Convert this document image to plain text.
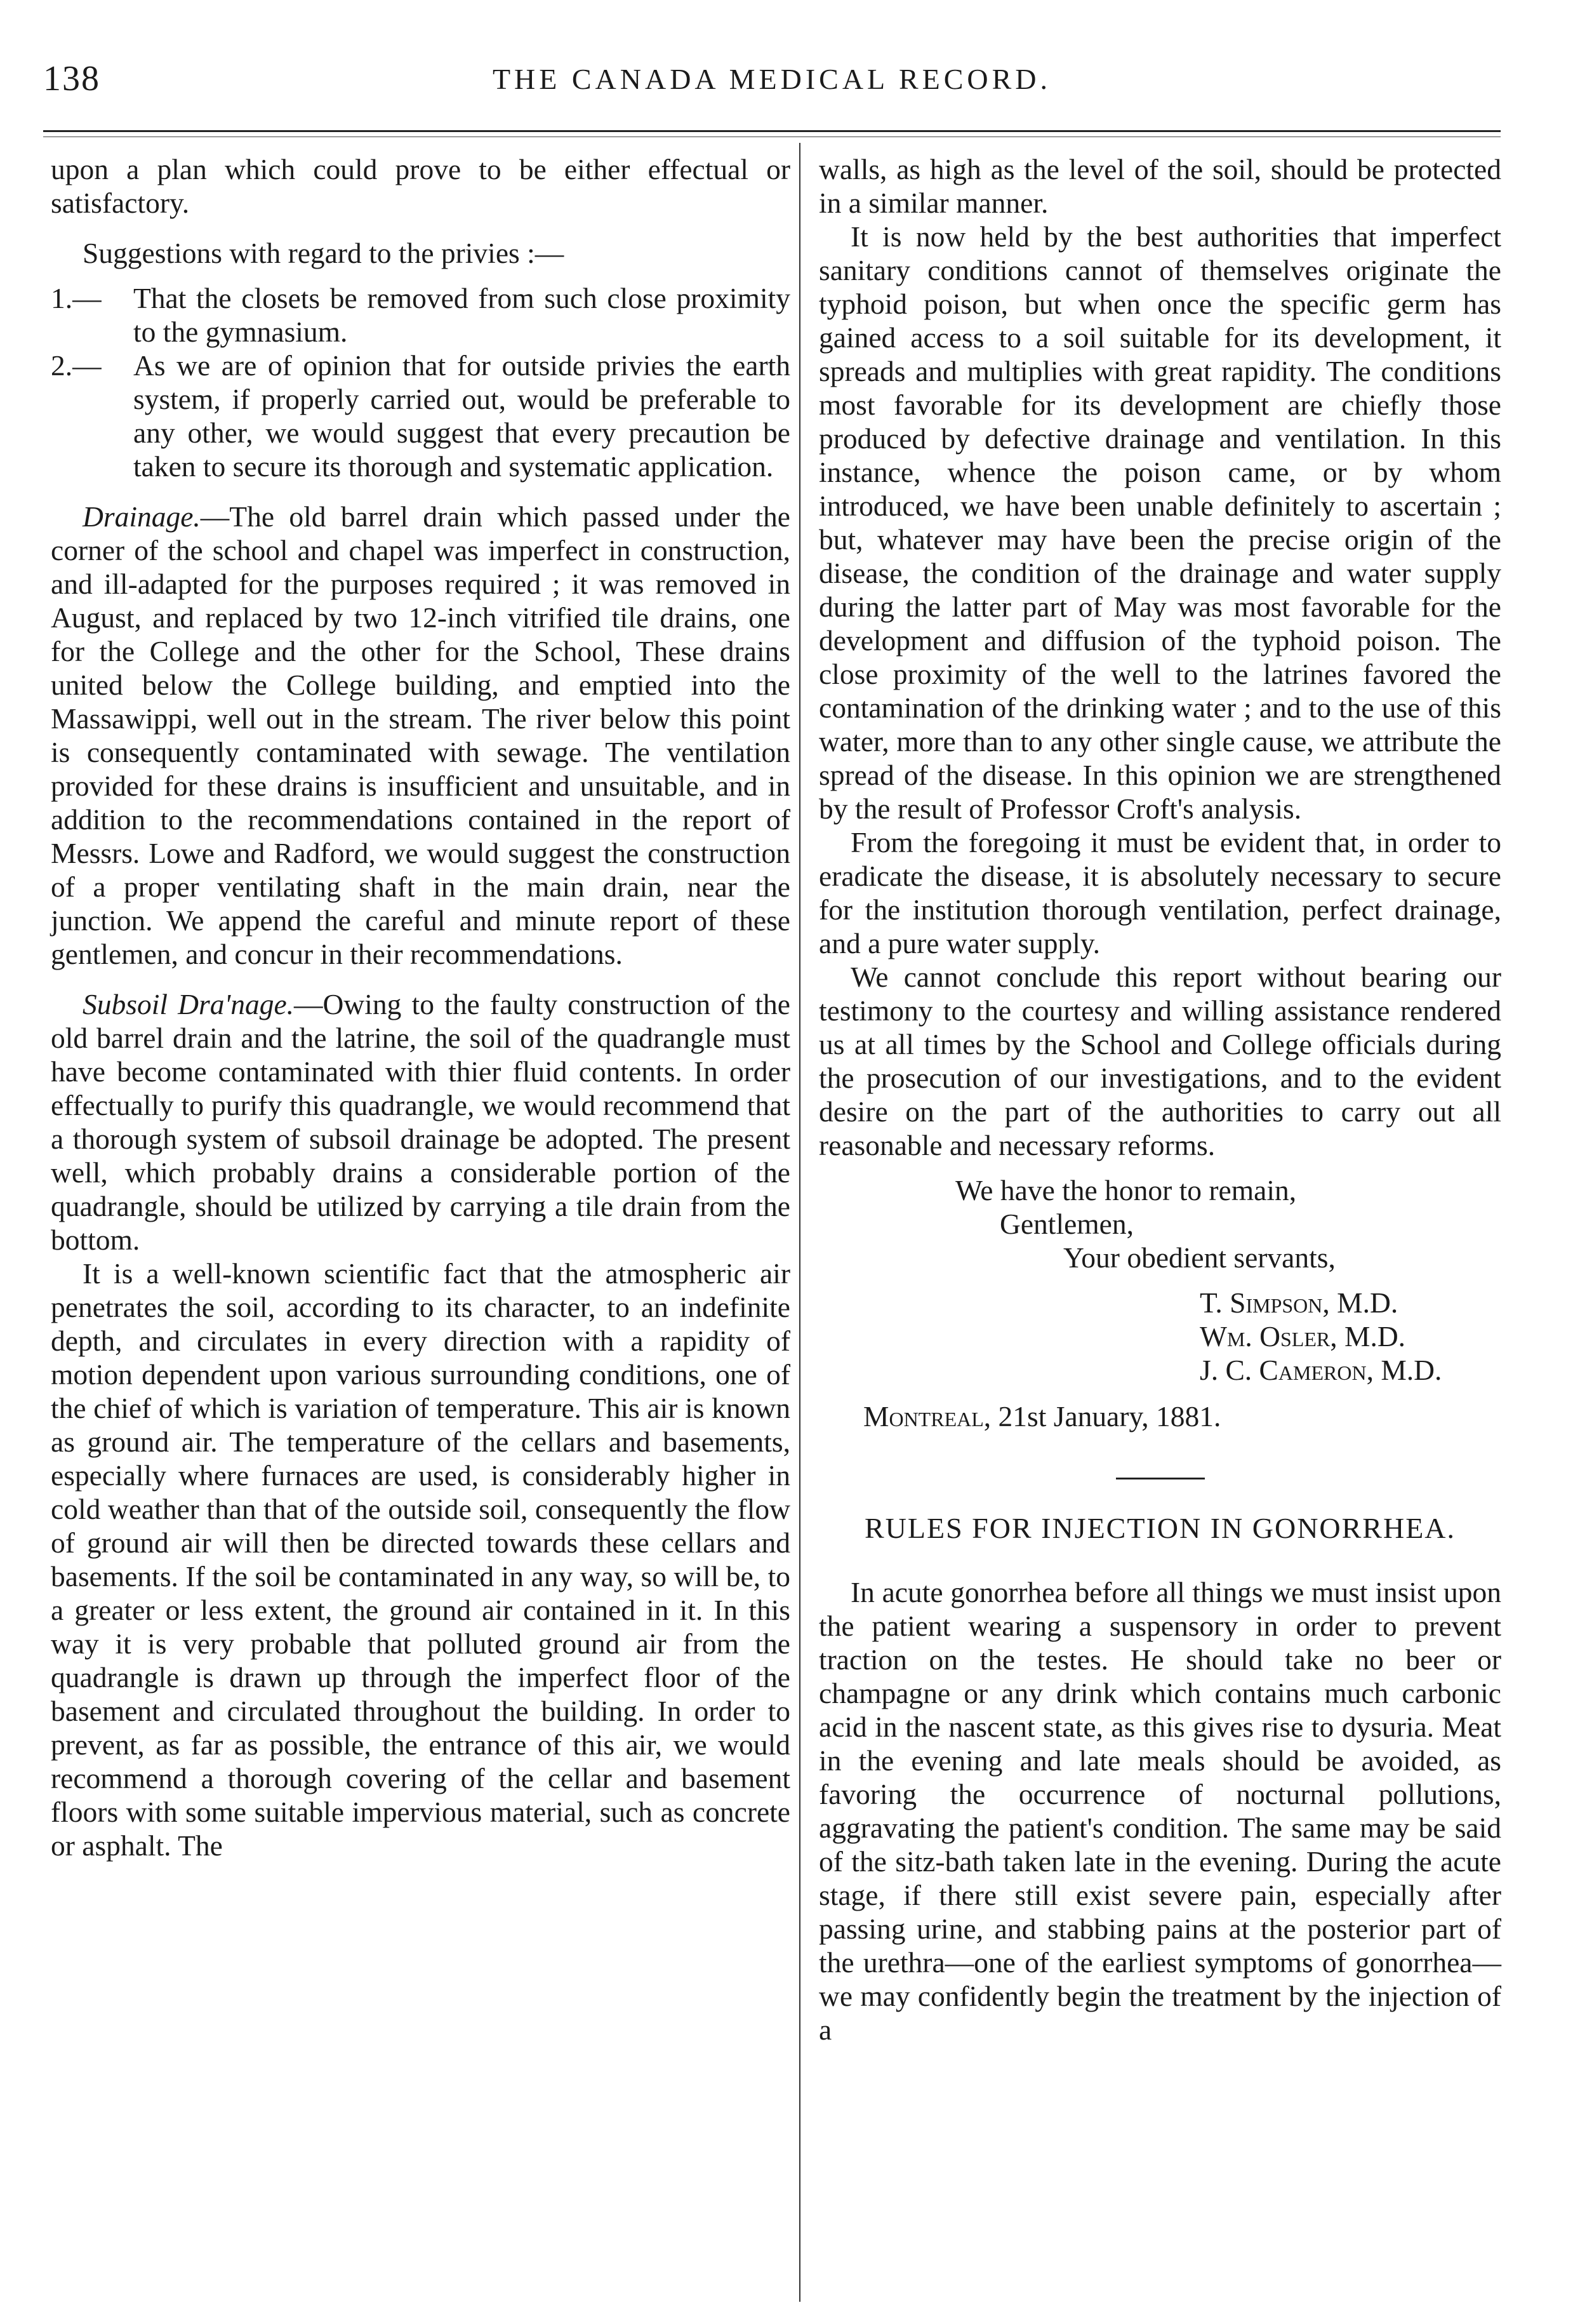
138	THE CANADA MEDICAL RECORD.

upon a plan which could prove to be either effectual or satisfactory.

Suggestions with regard to the privies :—

1.— That the closets be removed from such close proximity to the gymnasium.

2.— As we are of opinion that for outside privies the earth system, if properly carried out, would be preferable to any other, we would suggest that every precaution be taken to secure its thorough and systematic application.

Drainage.—The old barrel drain which passed under the corner of the school and chapel was imperfect in construction, and ill-adapted for the purposes required ; it was removed in August, and replaced by two 12-inch vitrified tile drains, one for the College and the other for the School, These drains united below the College building, and emptied into the Massawippi, well out in the stream. The river below this point is consequently contaminated with sewage. The ventilation provided for these drains is insufficient and unsuitable, and in addition to the recommendations contained in the report of Messrs. Lowe and Radford, we would suggest the construction of a proper ventilating shaft in the main drain, near the junction. We append the careful and minute report of these gentlemen, and concur in their recommendations.

Subsoil Dra'nage.—Owing to the faulty construction of the old barrel drain and the latrine, the soil of the quadrangle must have become contaminated with thier fluid contents. In order effectually to purify this quadrangle, we would recommend that a thorough system of subsoil drainage be adopted. The present well, which probably drains a considerable portion of the quadrangle, should be utilized by carrying a tile drain from the bottom.

It is a well-known scientific fact that the atmospheric air penetrates the soil, according to its character, to an indefinite depth, and circulates in every direction with a rapidity of motion dependent upon various surrounding conditions, one of the chief of which is variation of temperature. This air is known as ground air. The temperature of the cellars and basements, especially where furnaces are used, is considerably higher in cold weather than that of the outside soil, consequently the flow of ground air will then be directed towards these cellars and basements. If the soil be contaminated in any way, so will be, to a greater or less extent, the ground air contained in it. In this way it is very probable that polluted ground air from the quadrangle is drawn up through the imperfect floor of the basement and circulated throughout the building. In order to prevent, as far as possible, the entrance of this air, we would recommend a thorough covering of the cellar and basement floors with some suitable impervious material, such as concrete or asphalt. The

walls, as high as the level of the soil, should be protected in a similar manner.

It is now held by the best authorities that imperfect sanitary conditions cannot of themselves originate the typhoid poison, but when once the specific germ has gained access to a soil suitable for its development, it spreads and multiplies with great rapidity. The conditions most favorable for its development are chiefly those produced by defective drainage and ventilation. In this instance, whence the poison came, or by whom introduced, we have been unable definitely to ascertain ; but, whatever may have been the precise origin of the disease, the condition of the drainage and water supply during the latter part of May was most favorable for the development and diffusion of the typhoid poison. The close proximity of the well to the latrines favored the contamination of the drinking water ; and to the use of this water, more than to any other single cause, we attribute the spread of the disease. In this opinion we are strengthened by the result of Professor Croft's analysis.

From the foregoing it must be evident that, in order to eradicate the disease, it is absolutely necessary to secure for the institution thorough ventilation, perfect drainage, and a pure water supply.

We cannot conclude this report without bearing our testimony to the courtesy and willing assistance rendered us at all times by the School and College officials during the prosecution of our investigations, and to the evident desire on the part of the authorities to carry out all reasonable and necessary reforms.

We have the honor to remain,

Gentlemen,

Your obedient servants,

T. Simpson, M.D.

Wm. Osler, M.D.

J. C. Cameron, M.D.

Montreal, 21st January, 1881.

RULES FOR INJECTION IN GONORRHEA.

In acute gonorrhea before all things we must insist upon the patient wearing a suspensory in order to prevent traction on the testes. He should take no beer or champagne or any drink which contains much carbonic acid in the nascent state, as this gives rise to dysuria. Meat in the evening and late meals should be avoided, as favoring the occurrence of nocturnal pollutions, aggravating the patient's condition. The same may be said of the sitz-bath taken late in the evening. During the acute stage, if there still exist severe pain, especially after passing urine, and stabbing pains at the posterior part of the urethra—one of the earliest symptoms of gonorrhea—we may confidently begin the treatment by the injection of a
